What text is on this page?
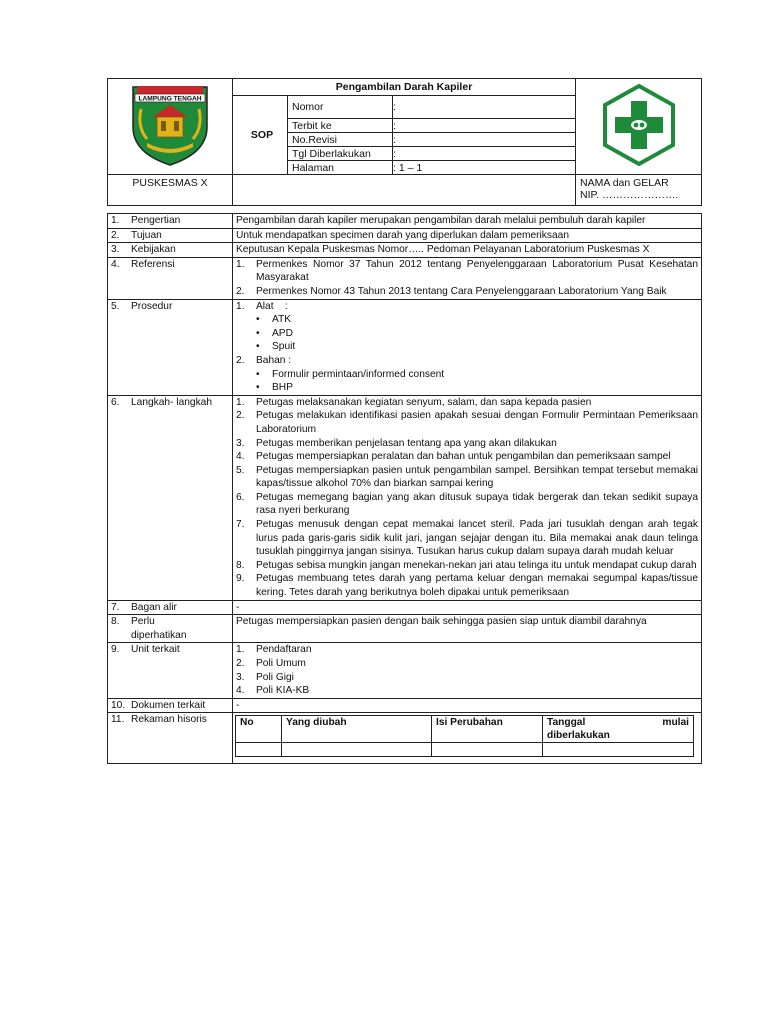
LAMPUNG TENGAH	Pengambilan Darah Kapiler	
	SOP	Nomor	:	
		Terbit ke	:	
		No.Revisi	:	
		Tgl Diberlakukan	:	
		Halaman	: 1 – 1	
PUSKESMAS X				NAMA dan GELAR
NIP. ………………….
1. Pengertian	Pengambilan darah kapiler merupakan pengambilan darah melalui pembuluh darah kapiler
2. Tujuan	Untuk mendapatkan specimen darah yang diperlukan dalam pemeriksaan
3. Kebijakan	Keputusan Kepala Puskesmas Nomor….. Pedoman Pelayanan Laboratorium Puskesmas X
4. Referensi	1. Permenkes Nomor 37 Tahun 2012 tentang Penyelenggaraan Laboratorium Pusat Kesehatan Masyarakat
2. Permenkes Nomor 43 Tahun 2013 tentang Cara Penyelenggaraan Laboratorium Yang Baik

5. Prosedur	1. Alat    :
• ATK
• APD
• Spuit
2. Bahan :
• Formulir permintaan/informed consent
• BHP

6. Langkah- langkah	1. Petugas melaksanakan kegiatan senyum, salam, dan sapa kepada pasien
2. Petugas melakukan identifikasi pasien apakah sesuai dengan Formulir Permintaan Pemeriksaan Laboratorium
3. Petugas memberikan penjelasan tentang apa yang akan dilakukan
4. Petugas mempersiapkan peralatan dan bahan untuk pengambilan dan pemeriksaan sampel
5. Petugas mempersiapkan pasien untuk pengambilan sampel. Bersihkan tempat tersebut memakai kapas/tissue alkohol 70% dan biarkan sampai kering
6. Petugas memegang bagian yang akan ditusuk supaya tidak bergerak dan tekan sedikit supaya rasa nyeri berkurang
7. Petugas menusuk dengan cepat memakai lancet steril. Pada jari tusuklah dengan arah tegak lurus pada garis-garis sidik kulit jari, jangan sejajar dengan itu. Bila memakai anak daun telinga tusuklah pinggirnya jangan sisinya. Tusukan harus cukup dalam supaya darah mudah keluar
8. Petugas sebisa mungkin jangan menekan-nekan jari atau telinga itu untuk mendapat cukup darah
9. Petugas membuang tetes darah yang pertama keluar dengan memakai segumpal kapas/tissue kering. Tetes darah yang berikutnya boleh dipakai untuk pemeriksaan

7. Bagan alir	-

8. Perlu
diperhatikan
	Petugas mempersiapkan pasien dengan baik sehingga pasien siap untuk diambil darahnya
9. Unit terkait	1. Pendaftaran
2. Poli Umum
3. Poli Gigi
4. Poli KIA-KB

10. Dokumen terkait	-
11. Rekaman hisoris		No	Yang diubah	Isi Perubahan	Tanggal	mulai
diberlakukan
